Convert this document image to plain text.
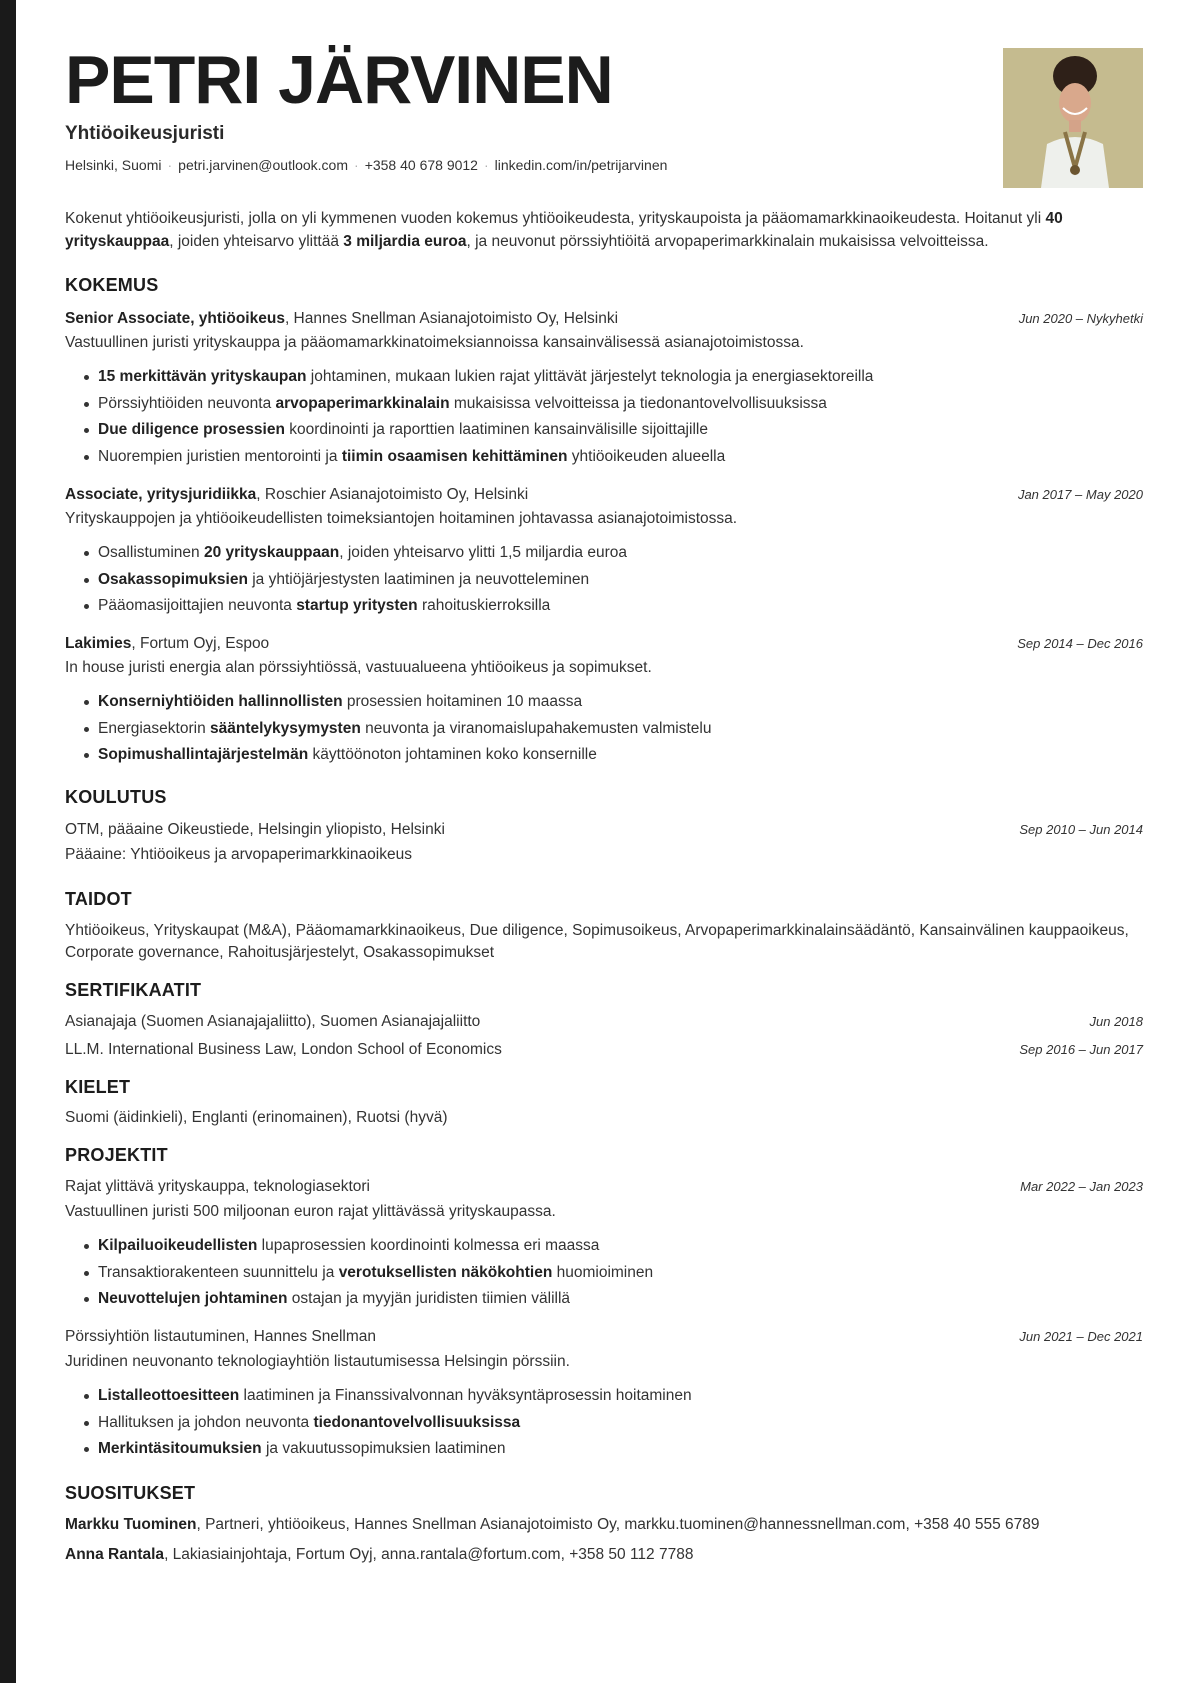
PETRI JÄRVINEN
Yhtiöoikeusjuristi
Helsinki, Suomi · petri.jarvinen@outlook.com · +358 40 678 9012 · linkedin.com/in/petrijarvinen
Kokenut yhtiöoikeusjuristi, jolla on yli kymmenen vuoden kokemus yhtiöoikeudesta, yrityskaupoista ja pääomamarkkinaoikeudesta. Hoitanut yli 40 yrityskauppaa, joiden yhteisarvo ylittää 3 miljardia euroa, ja neuvonut pörssiyhtiöitä arvopaperimarkkinalain mukaisissa velvoitteissa.
KOKEMUS
Senior Associate, yhtiöoikeus, Hannes Snellman Asianajotoimisto Oy, Helsinki	Jun 2020 – Nykyhetki
Vastuullinen juristi yrityskauppa ja pääomamarkkinatoimeksiannoissa kansainvälisessä asianajotoimistossa.
15 merkittävän yrityskaupan johtaminen, mukaan lukien rajat ylittävät järjestelyt teknologia ja energiasektoreilla
Pörssiyhtiöiden neuvonta arvopaperimarkkinalain mukaisissa velvoitteissa ja tiedonantovelvollisuuksissa
Due diligence prosessien koordinointi ja raporttien laatiminen kansainvälisille sijoittajille
Nuorempien juristien mentorointi ja tiimin osaamisen kehittäminen yhtiöoikeuden alueella
Associate, yritysjuridiikka, Roschier Asianajotoimisto Oy, Helsinki	Jan 2017 – May 2020
Yrityskauppojen ja yhtiöoikeudellisten toimeksiantojen hoitaminen johtavassa asianajotoimistossa.
Osallistuminen 20 yrityskauppaan, joiden yhteisarvo ylitti 1,5 miljardia euroa
Osakassopimuksien ja yhtiöjärjestysten laatiminen ja neuvotteleminen
Pääomasijoittajien neuvonta startup yritysten rahoituskierroksilla
Lakimies, Fortum Oyj, Espoo	Sep 2014 – Dec 2016
In house juristi energia alan pörssiyhtiössä, vastuualueena yhtiöoikeus ja sopimukset.
Konserniyhtiöiden hallinnollisten prosessien hoitaminen 10 maassa
Energiasektorin sääntelykysymysten neuvonta ja viranomaislupahakemusten valmistelu
Sopimushallintajärjestelmän käyttöönoton johtaminen koko konsernille
KOULUTUS
OTM, pääaine Oikeustiede, Helsingin yliopisto, Helsinki	Sep 2010 – Jun 2014
Pääaine: Yhtiöoikeus ja arvopaperimarkkinaoikeus
TAIDOT
Yhtiöoikeus, Yrityskaupat (M&A), Pääomamarkkinaoikeus, Due diligence, Sopimusoikeus, Arvopaperimarkkinalainsäädäntö, Kansainvälinen kauppaoikeus, Corporate governance, Rahoitusjärjestelyt, Osakassopimukset
SERTIFIKAATIT
Asianajaja (Suomen Asianajajaliitto), Suomen Asianajajaliitto	Jun 2018
LL.M. International Business Law, London School of Economics	Sep 2016 – Jun 2017
KIELET
Suomi (äidinkieli), Englanti (erinomainen), Ruotsi (hyvä)
PROJEKTIT
Rajat ylittävä yrityskauppa, teknologiasektori	Mar 2022 – Jan 2023
Vastuullinen juristi 500 miljoonan euron rajat ylittävässä yrityskaupassa.
Kilpailuoikeudellisten lupaprosessien koordinointi kolmessa eri maassa
Transaktiorakenteen suunnittelu ja verotuksellisten näkökohtien huomioiminen
Neuvottelujen johtaminen ostajan ja myyjän juridisten tiimien välillä
Pörssiyhtiön listautuminen, Hannes Snellman	Jun 2021 – Dec 2021
Juridinen neuvonanto teknologiayhtiön listautumisessa Helsingin pörssiin.
Listalleottoesitteen laatiminen ja Finanssivalvonnan hyväksyntäprosessin hoitaminen
Hallituksen ja johdon neuvonta tiedonantovelvollisuuksissa
Merkintäsitoumuksien ja vakuutussopimuksien laatiminen
SUOSITUKSET
Markku Tuominen, Partneri, yhtiöoikeus, Hannes Snellman Asianajotoimisto Oy, markku.tuominen@hannessnellman.com, +358 40 555 6789
Anna Rantala, Lakiasiainjohtaja, Fortum Oyj, anna.rantala@fortum.com, +358 50 112 7788
